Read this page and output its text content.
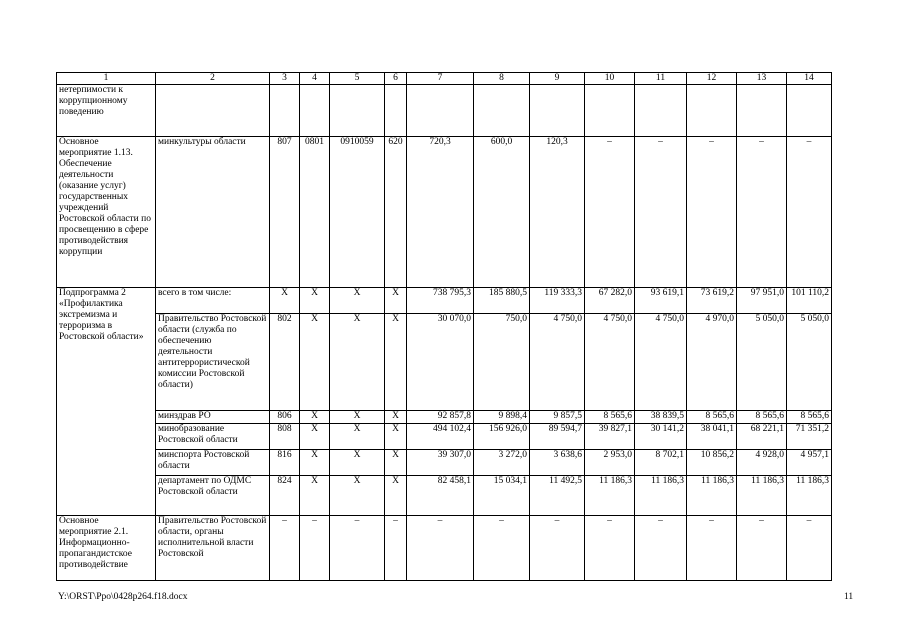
1	2	3	4	5	6	7	8	9	10	11	12	13	14
нетерпимости к коррупционному поведению													
Основное мероприятие 1.13. Обеспечение деятельности (оказание услуг) государственных учреждений Ростовской области по просвещению в сфере противодействия коррупции	минкультуры области	807	0801	0910059	620	720,3	600,0	120,3	–	–	–	–	–
Подпрограмма 2 «Профилактика экстремизма и терроризма в Ростовской области»	всего в том числе:	X	X	X	X	738 795,3	185 880,5	119 333,3	67 282,0	93 619,1	73 619,2	97 951,0	101 110,2
	Правительство Ростовской области (служба по обеспечению деятельности антитеррористической комиссии Ростовской области)	802	X	X	X	30 070,0	750,0	4 750,0	4 750,0	4 750,0	4 970,0	5 050,0	5 050,0
	минздрав РО	806	X	X	X	92 857,8	9 898,4	9 857,5	8 565,6	38 839,5	8 565,6	8 565,6	8 565,6
	минобразование Ростовской области	808	X	X	X	494 102,4	156 926,0	89 594,7	39 827,1	30 141,2	38 041,1	68 221,1	71 351,2
	минспорта Ростовской области	816	X	X	X	39 307,0	3 272,0	3 638,6	2 953,0	8 702,1	10 856,2	4 928,0	4 957,1
	департамент по ОДМС Ростовской области	824	X	X	X	82 458,1	15 034,1	11 492,5	11 186,3	11 186,3	11 186,3	11 186,3	11 186,3
Основное мероприятие 2.1. Информационно-пропагандистское противодействие	Правительство Ростовской области, органы исполнительной власти Ростовской	–	–	–	–	–	–	–	–	–	–	–	–
Y:\ORST\Ppo\0428p264.f18.docx	11
